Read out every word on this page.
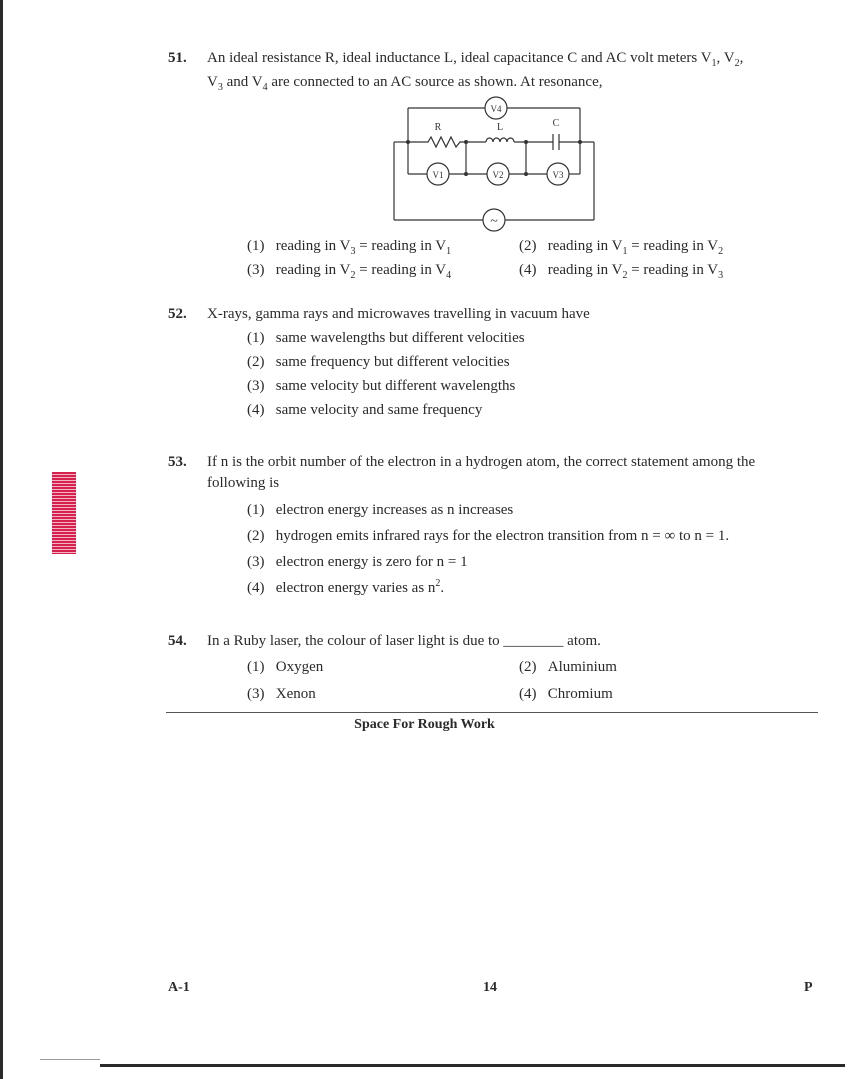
51. An ideal resistance R, ideal inductance L, ideal capacitance C and AC volt meters $V_1$, $V_2$,
$V_3$ and $V_4$ are connected to an AC source as shown. At resonance,
R	L	C
V4
V1	V2	V3
~
(1) reading in $V_3$ = reading in $V_1$	(2) reading in $V_1$ = reading in $V_2$
(3) reading in $V_2$ = reading in $V_4$	(4) reading in $V_2$ = reading in $V_3$
52. X-rays, gamma rays and microwaves travelling in vacuum have
(1) same wavelengths but different velocities
(2) same frequency but different velocities
(3) same velocity but different wavelengths
(4) same velocity and same frequency
53. If n is the orbit number of the electron in a hydrogen atom, the correct statement among the
following is
(1) electron energy increases as n increases
(2) hydrogen emits infrared rays for the electron transition from n = ∞ to n = 1.
(3) electron energy is zero for n = 1
(4) electron energy varies as $n^2$.
54. In a Ruby laser, the colour of laser light is due to ________ atom.
(1) Oxygen	(2) Aluminium
(3) Xenon	(4) Chromium
Space For Rough Work
A-1	14	P
